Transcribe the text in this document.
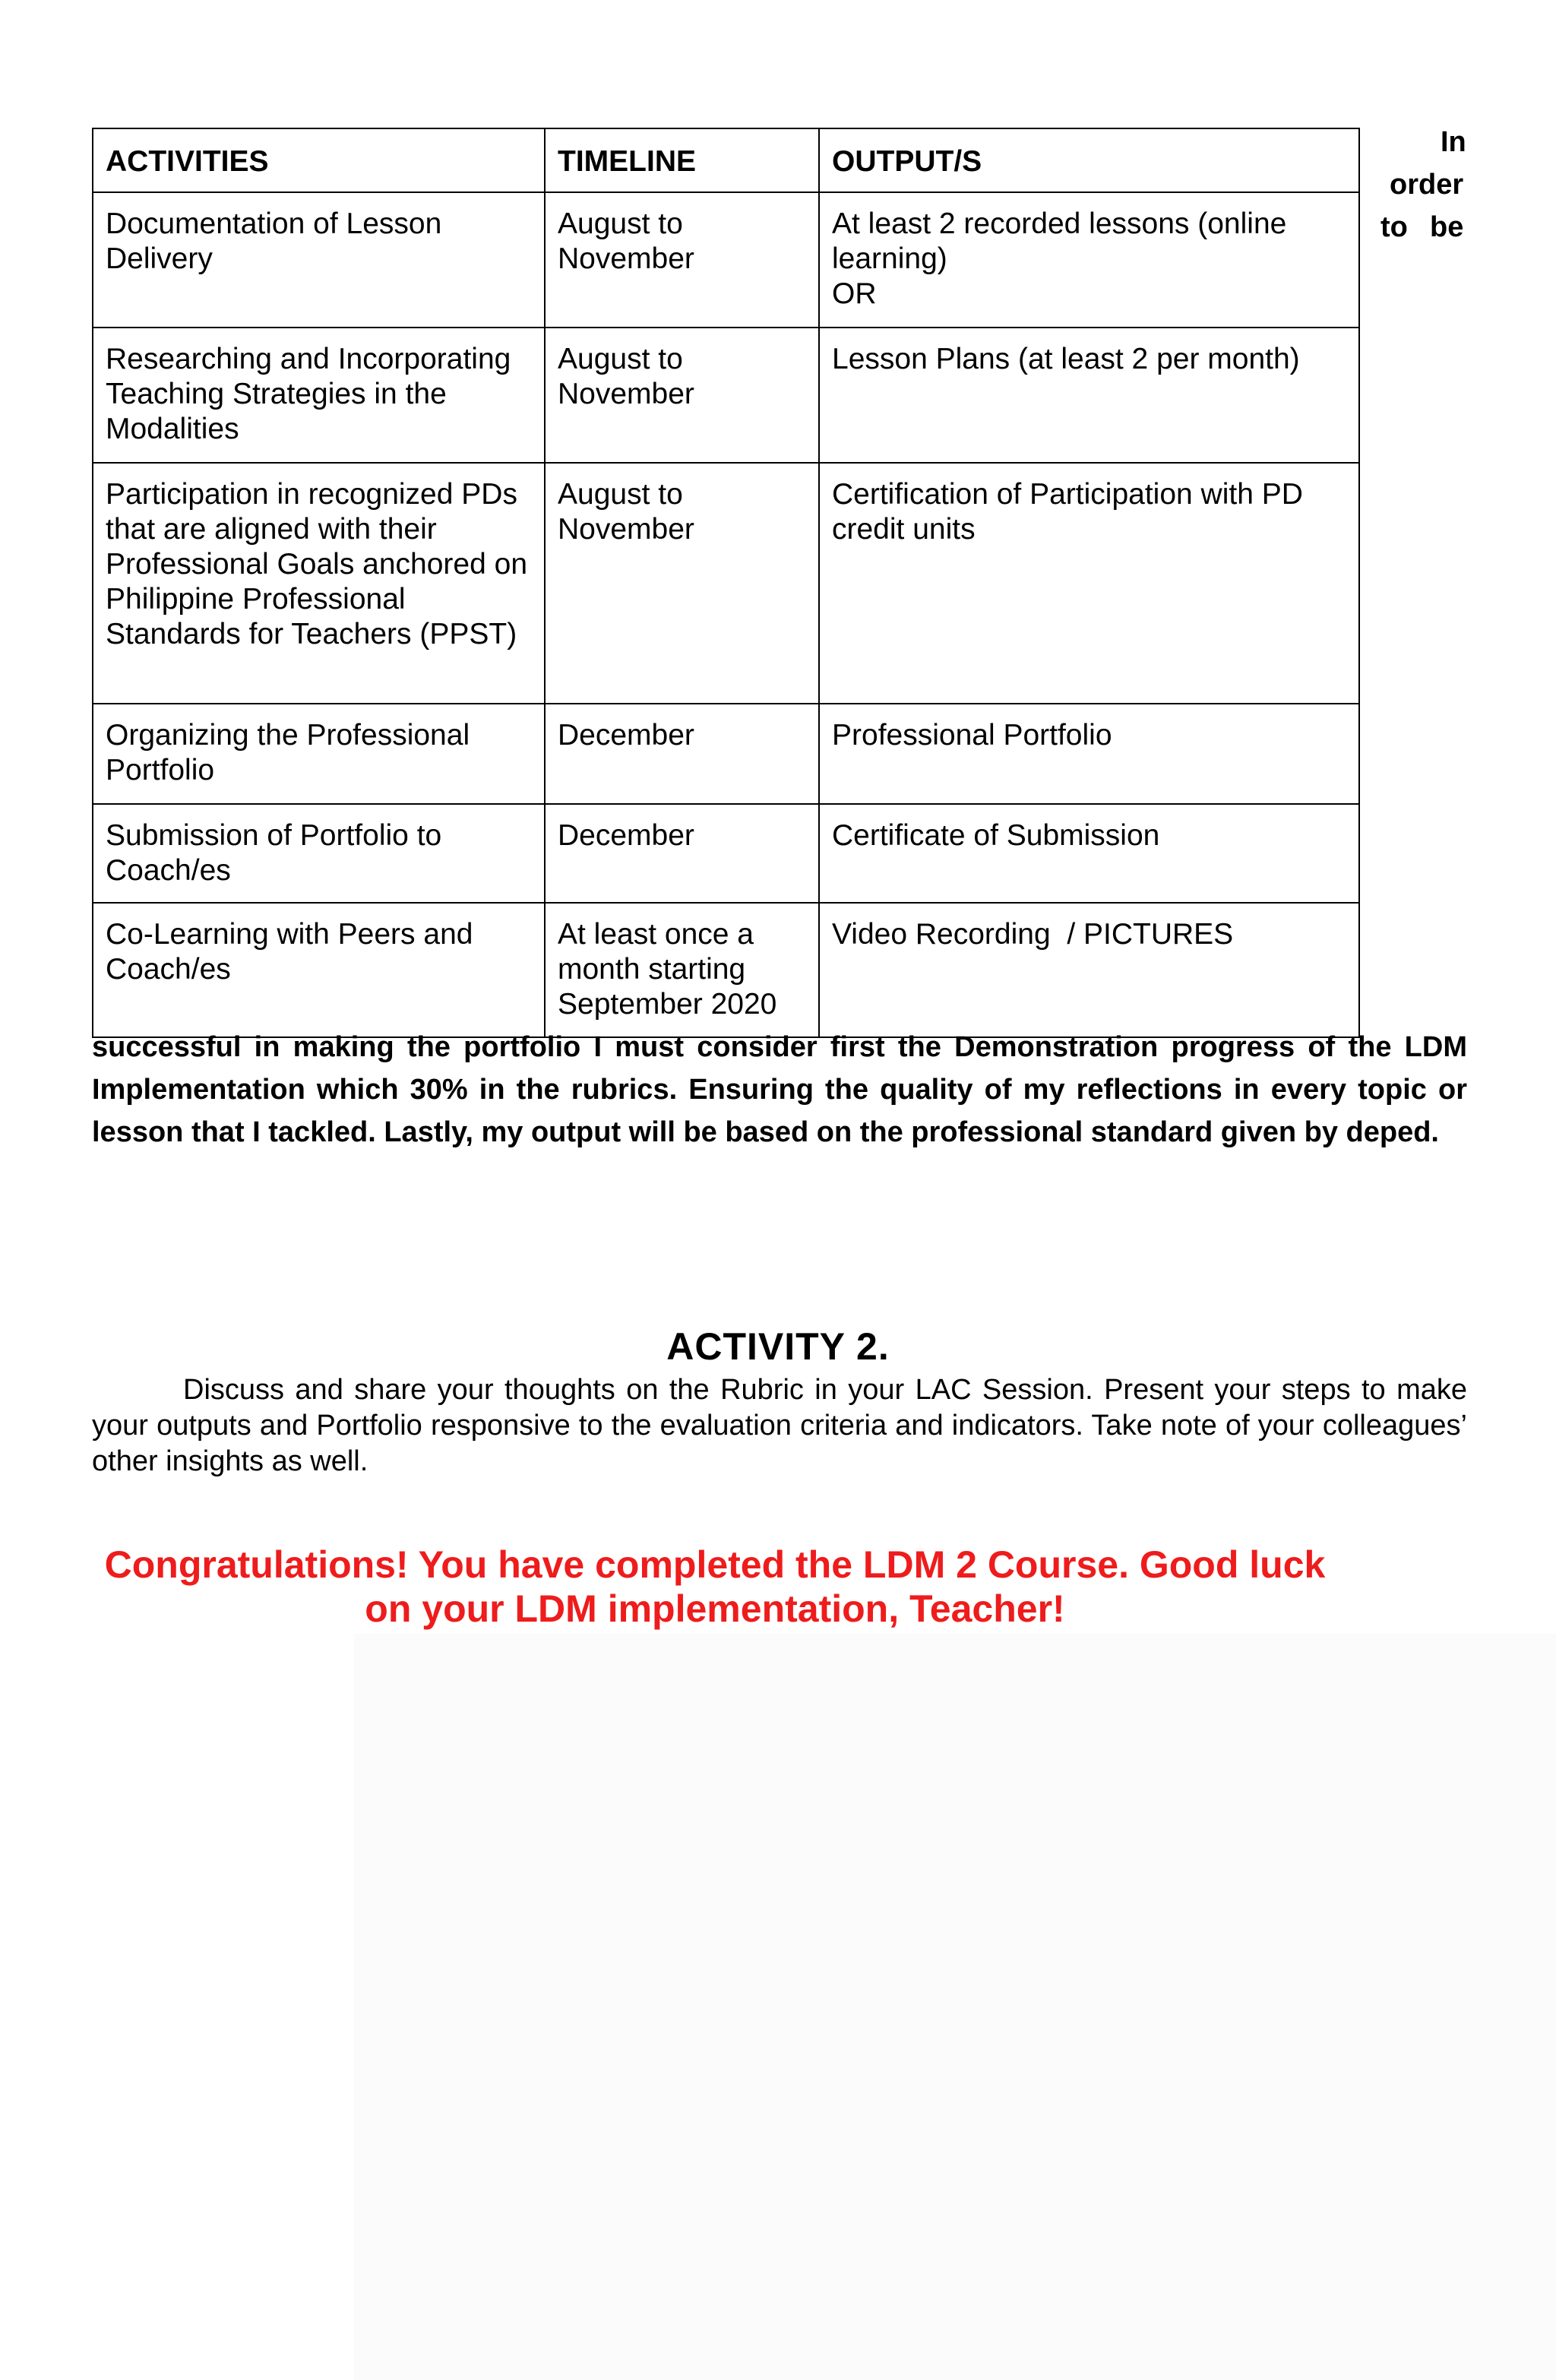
ACTIVITIES	TIMELINE	OUTPUT/S
Documentation of Lesson Delivery	August to November	At least 2 recorded lessons (online learning)
OR

Researching and Incorporating Teaching Strategies in the Modalities	August to November	Lesson Plans (at least 2 per month)

Participation in recognized PDs that are aligned with their Professional Goals anchored on Philippine Professional Standards for Teachers (PPST)	August to November	Certification of Participation with PD credit units

Organizing the Professional Portfolio	December	Professional Portfolio

Submission of Portfolio to Coach/es	December	Certificate of Submission

Co-Learning with Peers and Coach/es	At least once a month starting September 2020	Video Recording  / PICTURES
In
order
to be
successful in making the portfolio I must consider first the Demonstration progress of the LDM Implementation which 30% in the rubrics. Ensuring the quality of my reflections in every topic or lesson that I tackled. Lastly, my output will be based on the professional standard given by deped.
ACTIVITY 2.
Discuss and share your thoughts on the Rubric in your LAC Session. Present your steps to make your outputs and Portfolio responsive to the evaluation criteria and indicators. Take note of your colleagues’ other insights as well.
Congratulations! You have completed the LDM 2 Course. Good luck on your LDM implementation, Teacher!
